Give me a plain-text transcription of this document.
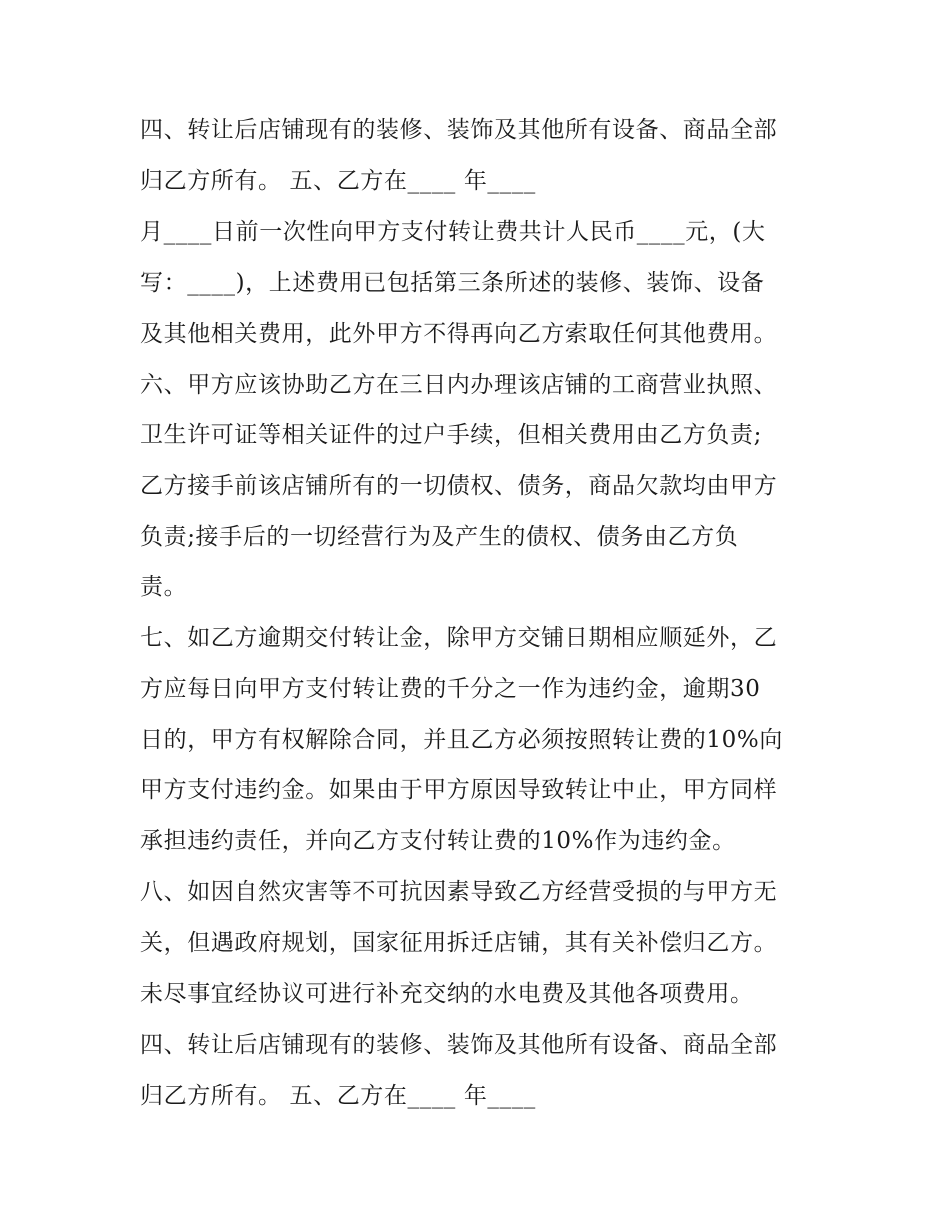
四、转让后店铺现有的装修、装饰及其他所有设备、商品全部
归乙方所有。 五、乙方在____ 年____
月____日前一次性向甲方支付转让费共计人民币____元，(大
写：____)，上述费用已包括第三条所述的装修、装饰、设备
及其他相关费用，此外甲方不得再向乙方索取任何其他费用。
六、甲方应该协助乙方在三日内办理该店铺的工商营业执照、
卫生许可证等相关证件的过户手续，但相关费用由乙方负责;
乙方接手前该店铺所有的一切债权、债务，商品欠款均由甲方
负责;接手后的一切经营行为及产生的债权、债务由乙方负
责。
七、如乙方逾期交付转让金，除甲方交铺日期相应顺延外，乙
方应每日向甲方支付转让费的千分之一作为违约金，逾期30
日的，甲方有权解除合同，并且乙方必须按照转让费的10%向
甲方支付违约金。如果由于甲方原因导致转让中止，甲方同样
承担违约责任，并向乙方支付转让费的10%作为违约金。
八、如因自然灾害等不可抗因素导致乙方经营受损的与甲方无
关，但遇政府规划，国家征用拆迁店铺，其有关补偿归乙方。
未尽事宜经协议可进行补充交纳的水电费及其他各项费用。
四、转让后店铺现有的装修、装饰及其他所有设备、商品全部
归乙方所有。 五、乙方在____ 年____
